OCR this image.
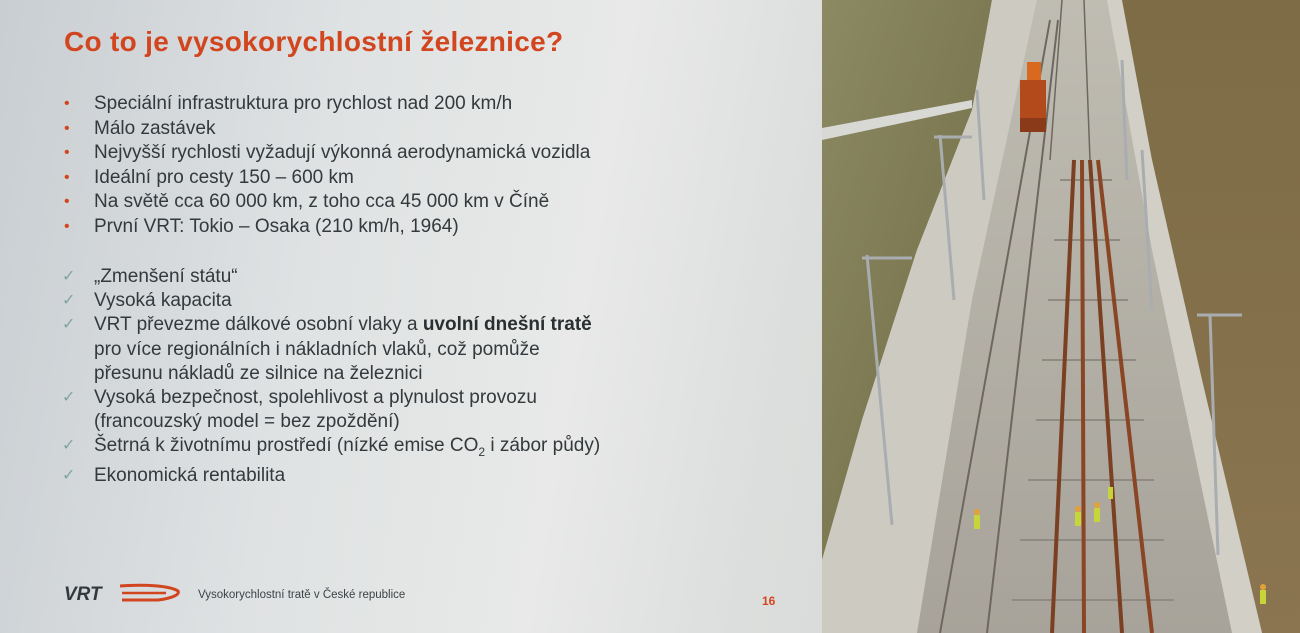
Co to je vysokorychlostní železnice?
•	Speciální infrastruktura pro rychlost nad 200 km/h
•	Málo zastávek
•	Nejvyšší rychlosti vyžadují výkonná aerodynamická vozidla
•	Ideální pro cesty 150 – 600 km
•	Na světě cca 60 000 km, z toho cca 45 000 km v Číně
•	První VRT: Tokio – Osaka (210 km/h, 1964)
✓ „Zmenšení státu“
✓ Vysoká kapacita
✓ VRT převezme dálkové osobní vlaky a uvolní dnešní tratě
pro více regionálních i nákladních vlaků, což pomůže
přesunu nákladů ze silnice na železnici
✓ Vysoká bezpečnost, spolehlivost a plynulost provozu
(francouzský model = bez zpoždění)
✓ Šetrná k životnímu prostředí (nízké emise $CO_2$ i zábor půdy)
✓ Ekonomická rentabilita
VRT	Vysokorychlostní tratě v České republice	16
